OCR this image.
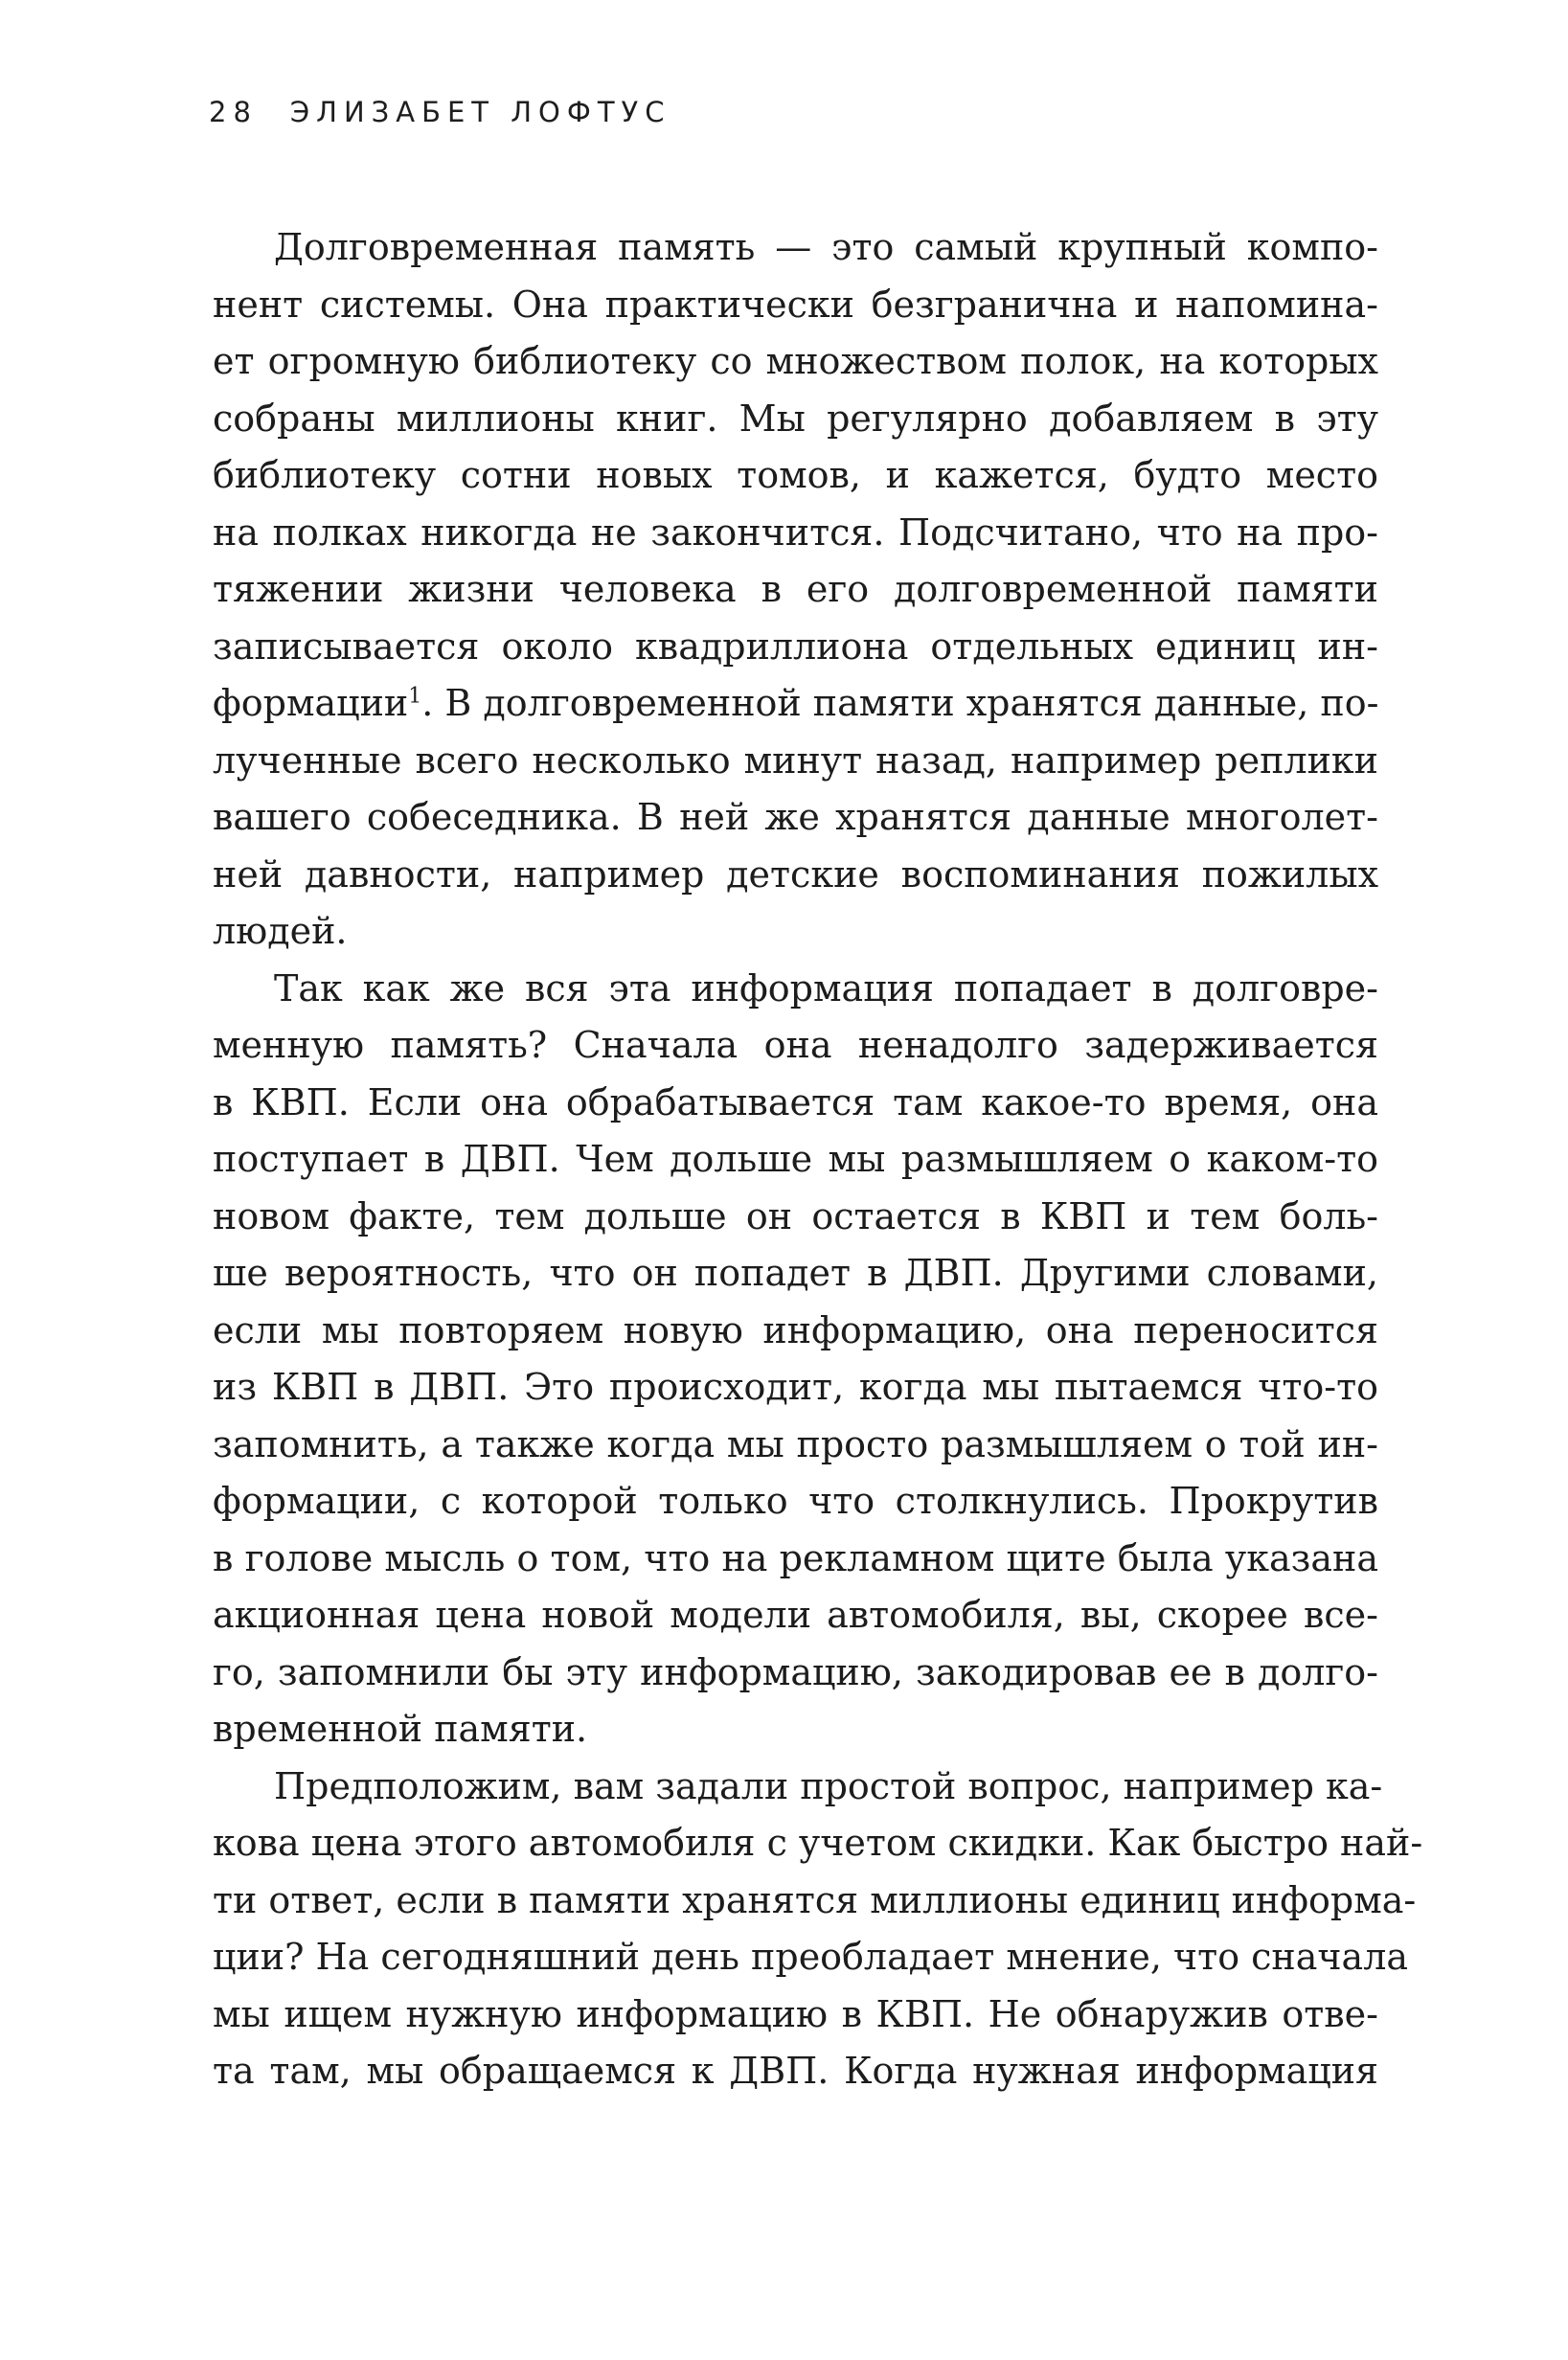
28 ЭЛИЗАБЕТ ЛОФТУС
Долговременная память — это самый крупный компо-
нент системы. Она практически безгранична и напомина-
ет огромную библиотеку со множеством полок, на которых
собраны миллионы книг. Мы регулярно добавляем в эту
библиотеку сотни новых томов, и кажется, будто место
на полках никогда не закончится. Подсчитано, что на про-
тяжении жизни человека в его долговременной памяти
записывается около квадриллиона отдельных единиц ин-
формации$^1$. В долговременной памяти хранятся данные, по-
лученные всего несколько минут назад, например реплики
вашего собеседника. В ней же хранятся данные многолет-
ней давности, например детские воспоминания пожилых
людей.
Так как же вся эта информация попадает в долговре-
менную память? Сначала она ненадолго задерживается
в КВП. Если она обрабатывается там какое-то время, она
поступает в ДВП. Чем дольше мы размышляем о каком-то
новом факте, тем дольше он остается в КВП и тем боль-
ше вероятность, что он попадет в ДВП. Другими словами,
если мы повторяем новую информацию, она переносится
из КВП в ДВП. Это происходит, когда мы пытаемся что-то
запомнить, а также когда мы просто размышляем о той ин-
формации, с которой только что столкнулись. Прокрутив
в голове мысль о том, что на рекламном щите была указана
акционная цена новой модели автомобиля, вы, скорее все-
го, запомнили бы эту информацию, закодировав ее в долго-
временной памяти.
Предположим, вам задали простой вопрос, например ка-
кова цена этого автомобиля с учетом скидки. Как быстро най-
ти ответ, если в памяти хранятся миллионы единиц информа-
ции? На сегодняшний день преобладает мнение, что сначала
мы ищем нужную информацию в КВП. Не обнаружив отве-
та там, мы обращаемся к ДВП. Когда нужная информация
